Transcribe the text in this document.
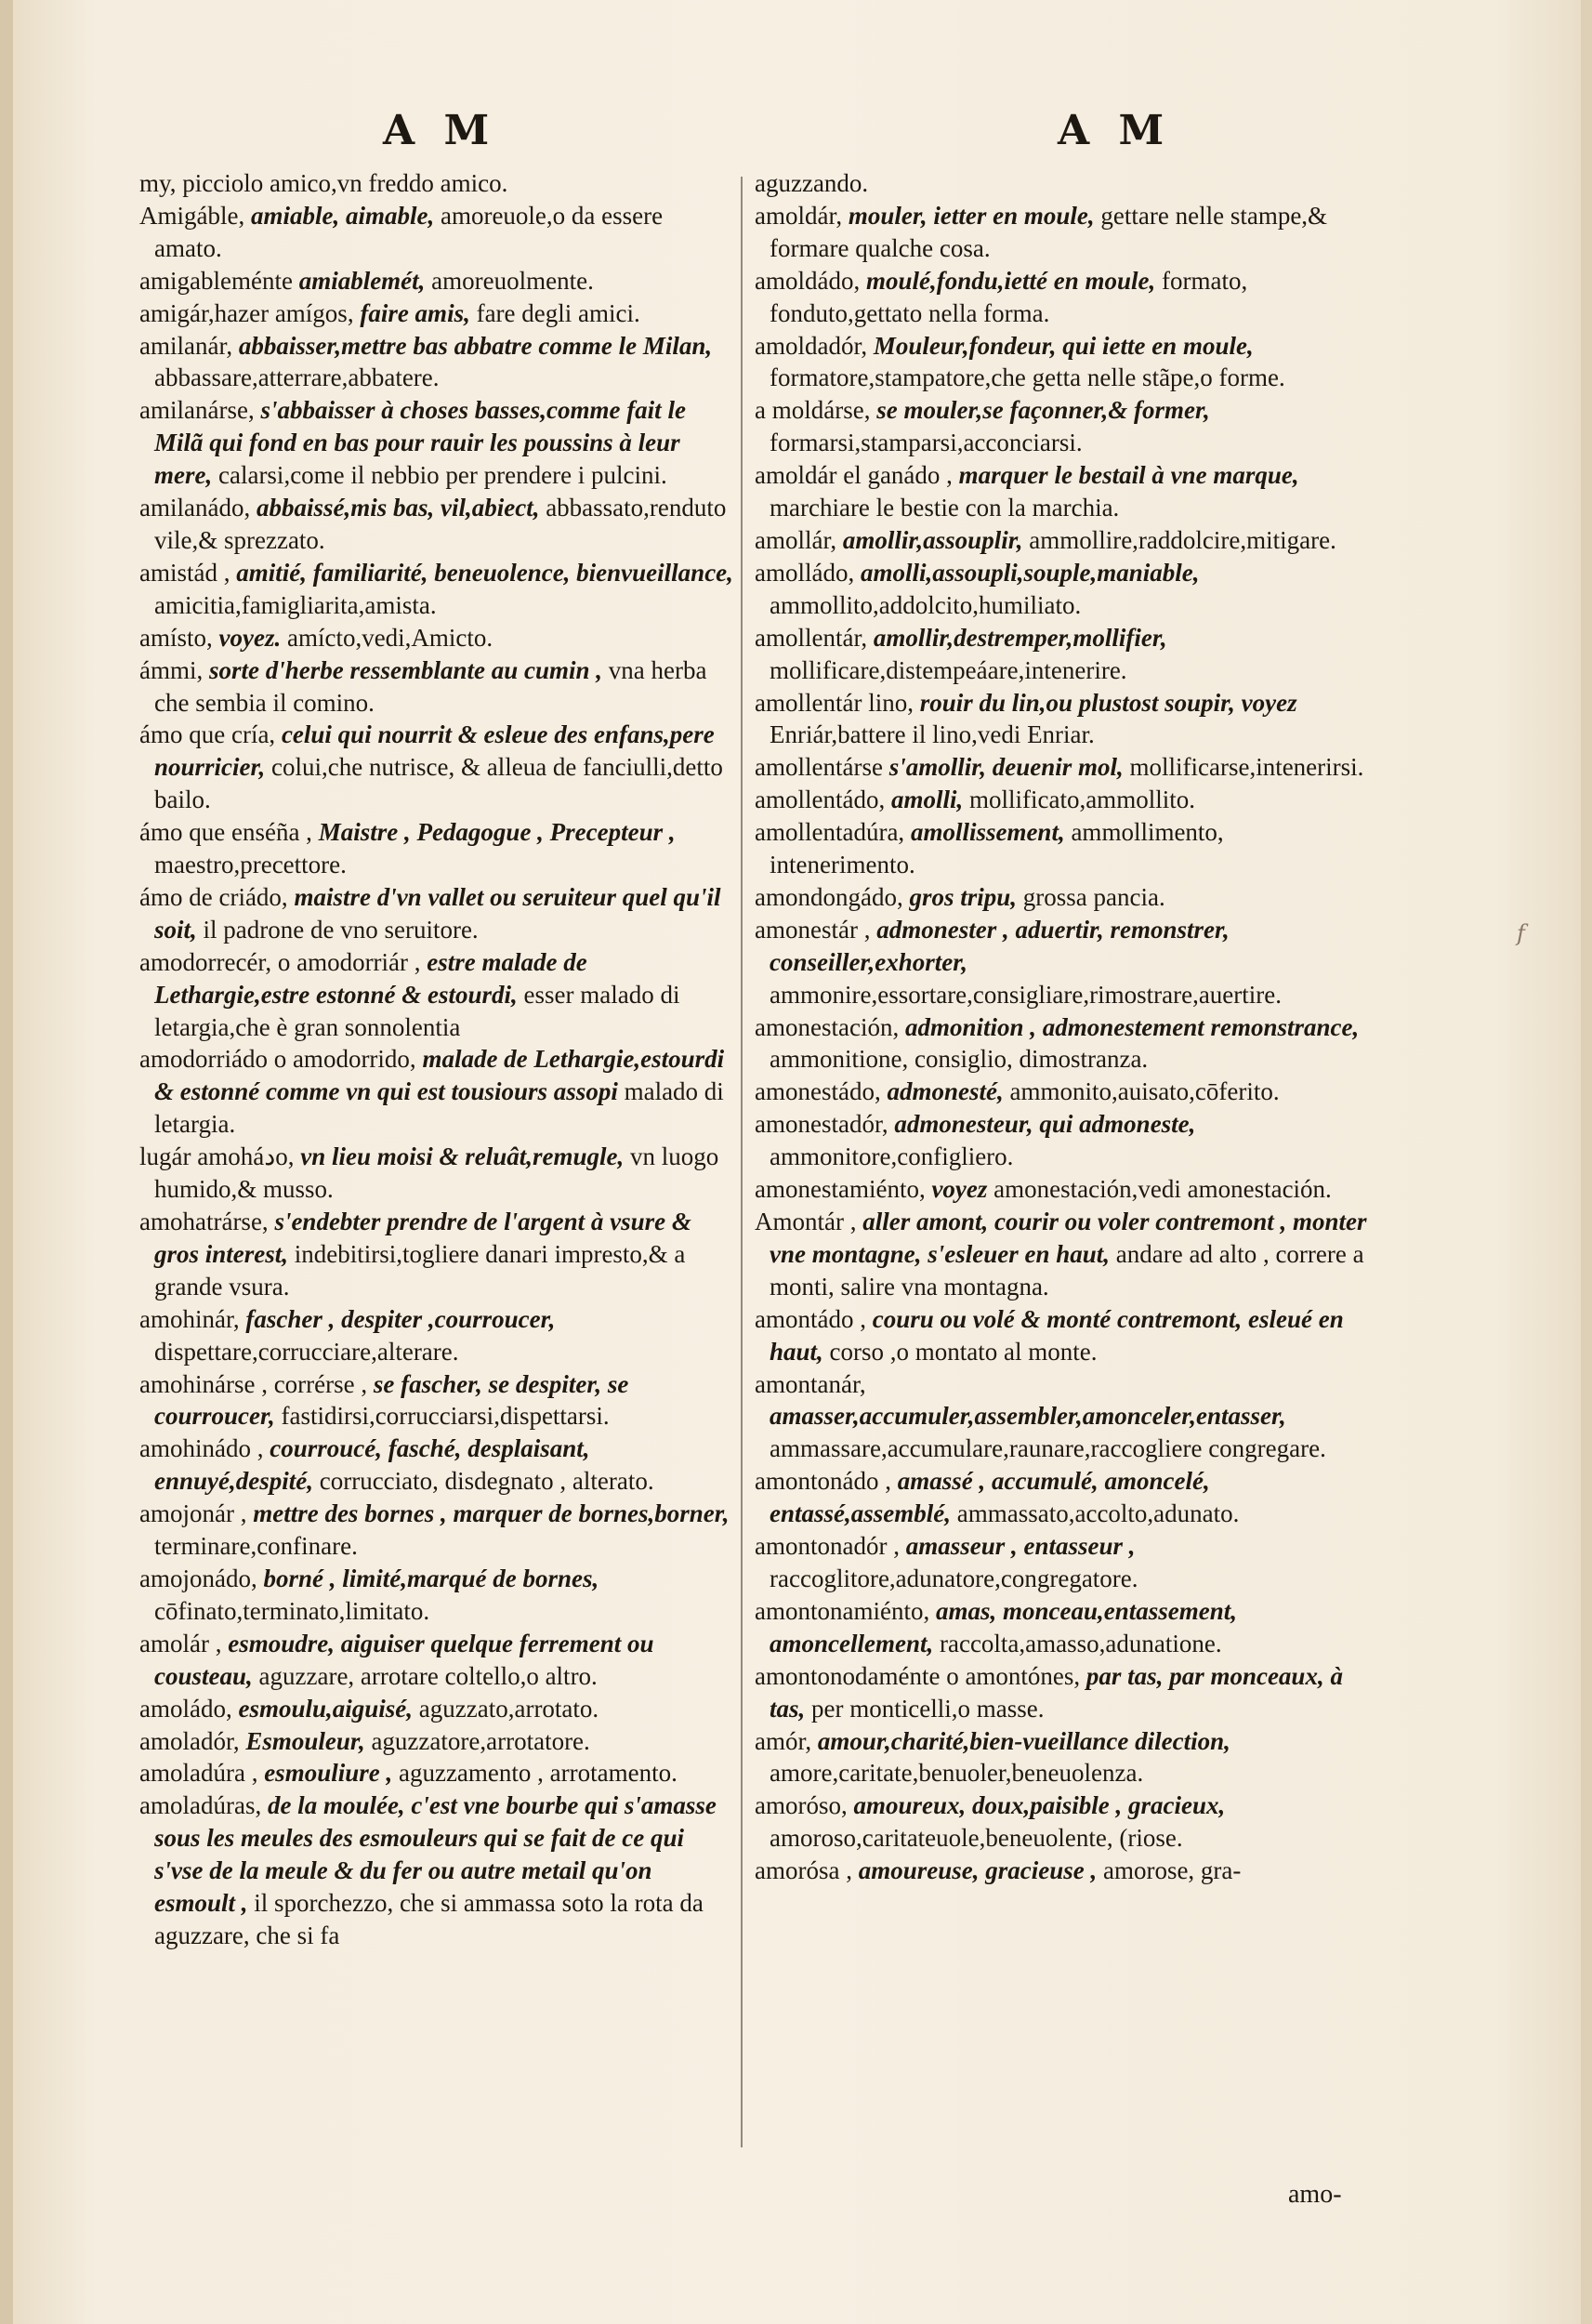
A M	A M

my, picciolo amico,vn freddo amico.

Amigáble, amiable, aimable, amoreuole,o da essere amato.

amigableménte amiablemét, amoreuolmente.

amigár,hazer amígos, faire amis, fare degli amici.

amilanár, abbaisser,mettre bas abbatre comme le Milan, abbassare,atterrare,abbatere.

amilanárse, s'abbaisser à choses basses,comme fait le Milã qui fond en bas pour rauir les poussins à leur mere, calarsi,come il nebbio per prendere i pulcini.

amilanádo, abbaissé,mis bas, vil,abiect, abbassato,renduto vile,& sprezzato.

amistád , amitié, familiarité, beneuolence, bienvueillance, amicitia,famigliarita,amista.

amísto, voyez. amícto,vedi,Amicto.

ámmi, sorte d'herbe ressemblante au cumin , vna herba che sembia il comino.

ámo que cría, celui qui nourrit & esleue des enfans,pere nourricier, colui,che nutrisce, & alleua de fanciulli,detto bailo.

ámo que enséña , Maistre , Pedagogue , Precepteur , maestro,precettore.

ámo de criádo, maistre d'vn vallet ou seruiteur quel qu'il soit, il padrone de vno seruitore.

amodorrecér, o amodorriár , estre malade de Lethargie,estre estonné & estourdi, esser malado di letargia,che è gran sonnolentia

amodorriádo o amodorrido, malade de Lethargie,estourdi & estonné comme vn qui est tousiours assopi malado di letargia.

lugár amoháدo, vn lieu moisi & reluât,remugle, vn luogo humido,& musso.

amohatrárse, s'endebter prendre de l'argent à vsure & gros interest, indebitirsi,togliere danari imprestο,& a grande vsura.

amohinár, fascher , despiter ,courroucer, dispettare,corrucciare,alterare.

amohinárse , corrérse , se fascher, se despiter, se courroucer, fastidirsi,corrucciarsi,dispettarsi.

amohinádo , courroucé, fasché, desplaisant, ennuyé,despité, corrucciato, disdegnato , alterato.

amojonár , mettre des bornes , marquer de bornes,borner, terminare,confinare.

amojonádo, borné , limité,marqué de bornes, cōfinato,terminato,limitato.

amolár , esmoudre, aiguiser quelque ferrement ou cousteau, aguzzare, arrotare coltello,o altro.

amoládo, esmoulu,aiguisé, aguzzato,arrotato.

amoladór, Esmouleur, aguzzatore,arrotatore.

amoladúra , esmouliure , aguzzamento , arrotamento.

amoladúras, de la moulée, c'est vne bourbe qui s'amasse sous les meules des esmouleurs qui se fait de ce qui s'vse de la meule & du fer ou autre metail qu'on esmoult , il sporchezzo, che si ammassa soto la rota da aguzzare, che si fa

aguzzando.

amoldár, mouler, ietter en moule, gettare nelle stampe,& formare qualche cosa.

amoldádo, moulé,fondu,ietté en moule, formato, fonduto,gettato nella forma.

amoldadór, Mouleur,fondeur, qui iette en moule, formatore,stampatore,che getta nelle stãpe,o forme.

a moldárse, se mouler,se façonner,& former, formarsi,stamparsi,acconciarsi.

amoldár el ganádo , marquer le bestail à vne marque, marchiare le bestie con la marchia.

amollár, amollir,assouplir, ammollire,raddolcire,mitigare.

amolládo, amolli,assoupli,souple,maniable, ammollito,addolcito,humiliato.

amollentár, amollir,destremper,mollifier, mollificare,distempeáare,intenerire.

amollentár lino, rouir du lin,ou plustost soupir, voyez Enriár,battere il lino,vedi Enriar.

amollentárse s'amollir, deuenir mol, mollificarse,intenerirsi.

amollentádo, amolli, mollificato,ammollito.

amollentadúra, amollissement, ammollimento, intenerimento.

amondongádo, gros tripu, grossa pancia.

amonestár , admonester , aduertir, remonstrer, conseiller,exhorter, ammonire,essortare,consigliare,rimostrare,auertire.

amonestación, admonition , admonestement remonstrance, ammonitione, consiglio, dimostranza.

amonestádo, admonesté, ammonito,auisato,cōferito.

amonestadór, admonesteur, qui admoneste, ammonitore,configliero.

amonestamiénto, voyez amonestación,vedi amonestación.

Amontár , aller amont, courir ou voler contremont , monter vne montagne, s'esleuer en haut, andare ad alto , correre a monti, salire vna montagna.

amontádo , couru ou volé & monté contremont, esleué en haut, corso ,o montato al monte.

amontanár, amasser,accumuler,assembler,amonceler,entasser, ammassare,accumulare,raunare,raccogliere congregare.

amontonádo , amassé , accumulé, amoncelé, entassé,assemblé, ammassato,accolto,adunato.

amontonadór , amasseur , entasseur , raccoglitore,adunatore,congregatore.

amontonamiénto, amas, monceau,entassement, amoncellement, raccolta,amasso,adunatione.

amontonodaménte o amontónes, par tas, par monceaux, à tas, per monticelli,o masse.

amór, amour,charité,bien-vueillance dilection, amore,caritate,benuoler,beneuolenza.

amorósο, amoureux, doux,paisible , gracieux, amoroso,caritateuole,beneuolente, (riose.

amorósa , amoureuse, gracieuse , amorose, gra-

amo-
f
